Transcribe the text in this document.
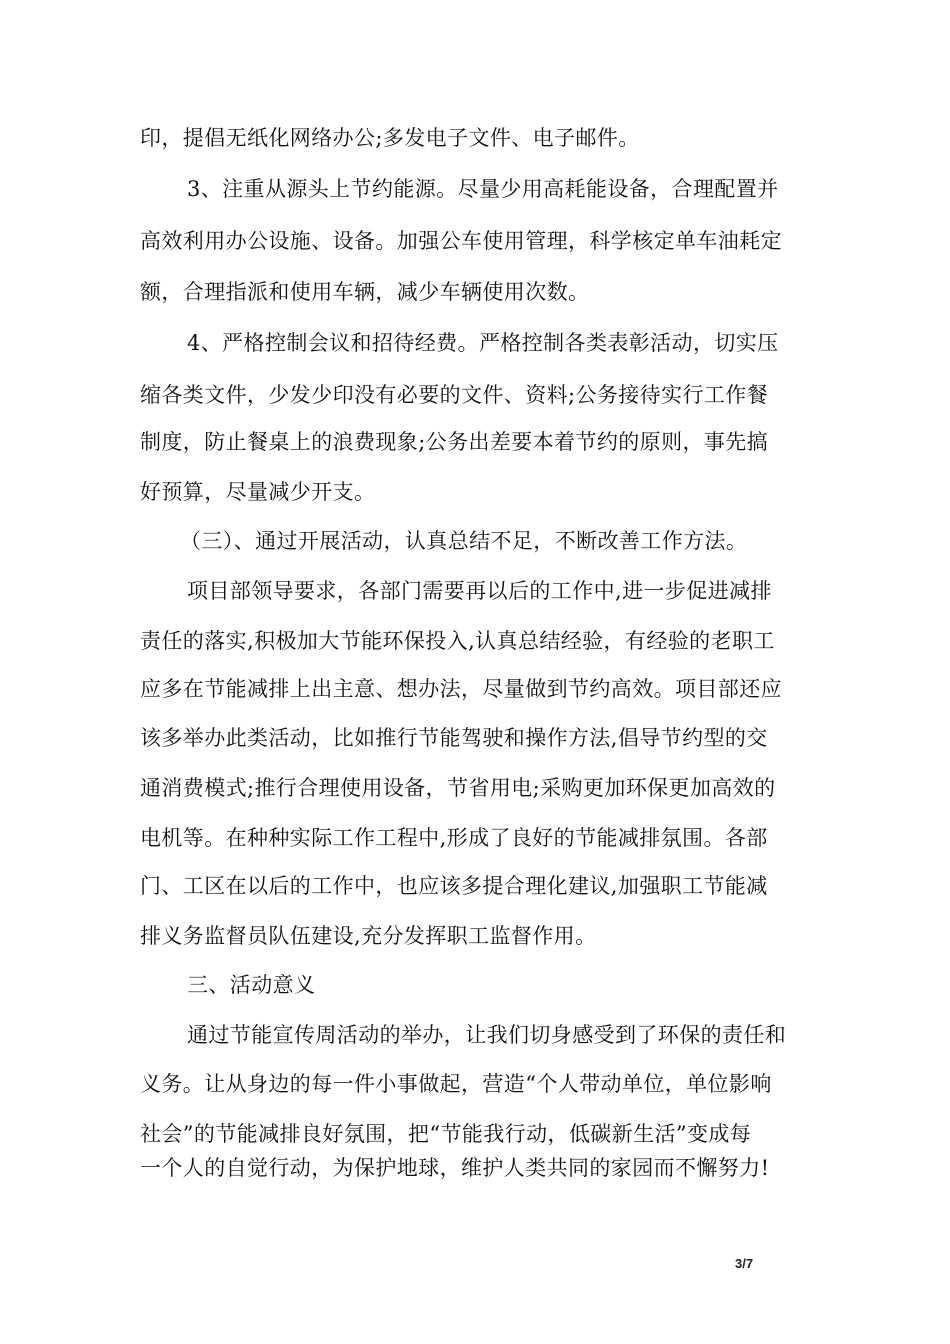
印，提倡无纸化网络办公;多发电子文件、电子邮件。
3、注重从源头上节约能源。尽量少用高耗能设备，合理配置并
高效利用办公设施、设备。加强公车使用管理，科学核定单车油耗定
额，合理指派和使用车辆，减少车辆使用次数。
4、严格控制会议和招待经费。严格控制各类表彰活动，切实压
缩各类文件，少发少印没有必要的文件、资料;公务接待实行工作餐
制度，防止餐桌上的浪费现象;公务出差要本着节约的原则，事先搞
好预算，尽量减少开支。
（三）、通过开展活动，认真总结不足，不断改善工作方法。
项目部领导要求，各部门需要再以后的工作中,进一步促进减排
责任的落实,积极加大节能环保投入,认真总结经验，有经验的老职工
应多在节能减排上出主意、想办法，尽量做到节约高效。项目部还应
该多举办此类活动，比如推行节能驾驶和操作方法,倡导节约型的交
通消费模式;推行合理使用设备，节省用电;采购更加环保更加高效的
电机等。在种种实际工作工程中,形成了良好的节能减排氛围。各部
门、工区在以后的工作中，也应该多提合理化建议,加强职工节能减
排义务监督员队伍建设,充分发挥职工监督作用。
三、活动意义
通过节能宣传周活动的举办，让我们切身感受到了环保的责任和
义务。让从身边的每一件小事做起，营造“个人带动单位，单位影响
社会”的节能减排良好氛围，把“节能我行动，低碳新生活”变成每
一个人的自觉行动，为保护地球，维护人类共同的家园而不懈努力!
3/7
